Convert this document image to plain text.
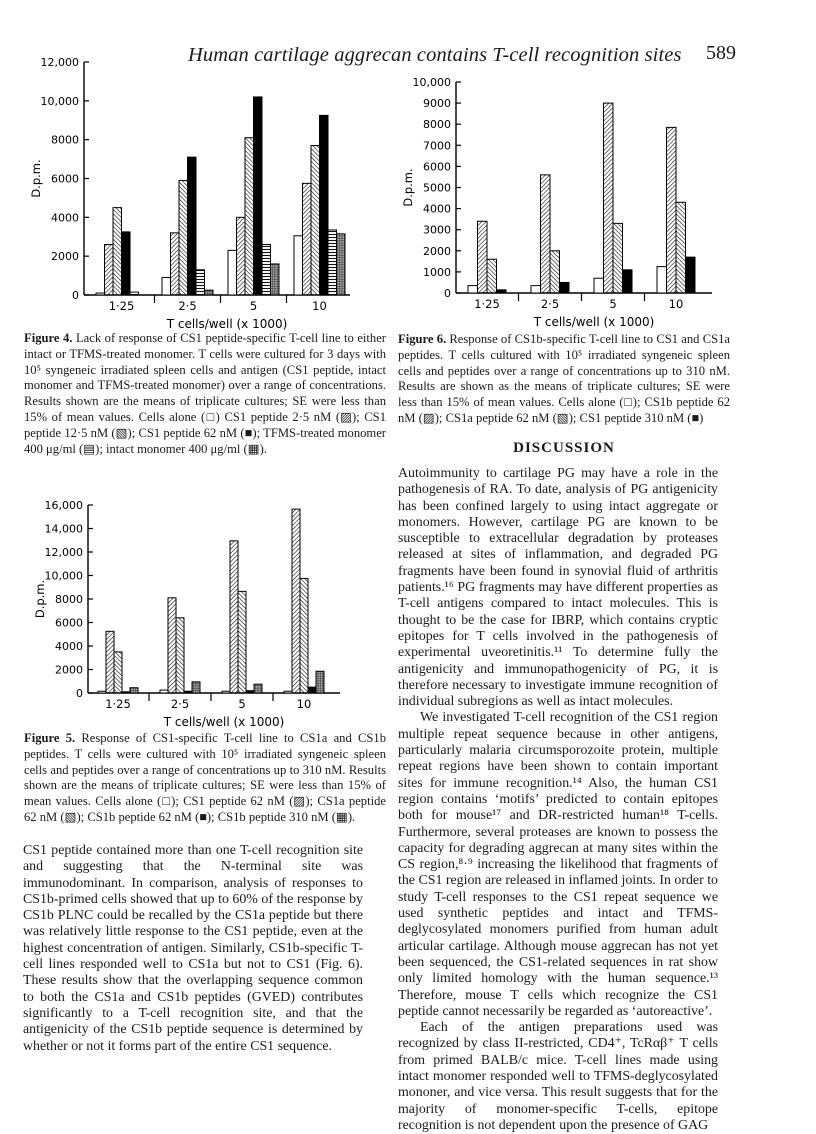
Human cartilage aggrecan contains T-cell recognition sites 589
0
2000
4000
6000
8000
10,000
12,000
1·25	2·5	5	10
T cells/well (x 1000)
D.p.m.
Figure 4. Lack of response of CS1 peptide-specific T-cell line to either intact or TFMS-treated monomer. T cells were cultured for 3 days with 10⁵ syngeneic irradiated spleen cells and antigen (CS1 peptide, intact monomer and TFMS-treated monomer) over a range of concentrations. Results shown are the means of triplicate cultures; SE were less than 15% of mean values. Cells alone (□) CS1 peptide 2·5 nM (▨); CS1 peptide 12·5 nM (▧); CS1 peptide 62 nM (■); TFMS-treated monomer 400 μg/ml (▤); intact monomer 400 μg/ml (▦).
0
1000
2000
3000
4000
5000
6000
7000
8000
9000
10,000
1·25	2·5	5	10
T cells/well (x 1000)
D.p.m.
Figure 6. Response of CS1b-specific T-cell line to CS1 and CS1a peptides. T cells cultured with 10⁵ irradiated syngeneic spleen cells and peptides over a range of concentrations up to 310 nM. Results are shown as the means of triplicate cultures; SE were less than 15% of mean values. Cells alone (□); CS1b peptide 62 nM (▨); CS1a peptide 62 nM (▧); CS1 peptide 310 nM (■)
DISCUSSION
0
2000
4000
6000
8000
10,000
12,000
14,000
16,000
1·25	2·5	5	10
T cells/well (x 1000)
D.p.m.
Figure 5. Response of CS1-specific T-cell line to CS1a and CS1b peptides. T cells were cultured with 10⁵ irradiated syngeneic spleen cells and peptides over a range of concentrations up to 310 nM. Results shown are the means of triplicate cultures; SE were less than 15% of mean values. Cells alone (□); CS1 peptide 62 nM (▨); CS1a peptide 62 nM (▧); CS1b peptide 62 nM (■); CS1b peptide 310 nM (▦).

CS1 peptide contained more than one T-cell recognition site and suggesting that the N-terminal site was immunodominant. In comparison, analysis of responses to CS1b-primed cells showed that up to 60% of the response by CS1b PLNC could be recalled by the CS1a peptide but there was relatively little response to the CS1 peptide, even at the highest concentration of antigen. Similarly, CS1b-specific T-cell lines responded well to CS1a but not to CS1 (Fig. 6). These results show that the overlapping sequence common to both the CS1a and CS1b peptides (GVED) contributes significantly to a T-cell recognition site, and that the antigenicity of the CS1b peptide sequence is determined by whether or not it forms part of the entire CS1 sequence.

Autoimmunity to cartilage PG may have a role in the pathogenesis of RA. To date, analysis of PG antigenicity has been confined largely to using intact aggregate or monomers. However, cartilage PG are known to be susceptible to extracellular degradation by proteases released at sites of inflammation, and degraded PG fragments have been found in synovial fluid of arthritis patients.¹⁶ PG fragments may have different properties as T-cell antigens compared to intact molecules. This is thought to be the case for IBRP, which contains cryptic epitopes for T cells involved in the pathogenesis of experimental uveoretinitis.¹¹ To determine fully the antigenicity and immunopathogenicity of PG, it is therefore necessary to investigate immune recognition of individual subregions as well as intact molecules.

We investigated T-cell recognition of the CS1 region multiple repeat sequence because in other antigens, particularly malaria circumsporozoite protein, multiple repeat regions have been shown to contain important sites for immune recognition.¹⁴ Also, the human CS1 region contains ‘motifs’ predicted to contain epitopes both for mouse¹⁷ and DR-restricted human¹⁸ T-cells. Furthermore, several proteases are known to possess the capacity for degrading aggrecan at many sites within the CS region,⁸·⁹ increasing the likelihood that fragments of the CS1 region are released in inflamed joints. In order to study T-cell responses to the CS1 repeat sequence we used synthetic peptides and intact and TFMS-deglycosylated monomers purified from human adult articular cartilage. Although mouse aggrecan has not yet been sequenced, the CS1-related sequences in rat show only limited homology with the human sequence.¹³ Therefore, mouse T cells which recognize the CS1 peptide cannot necessarily be regarded as ‘autoreactive’.

Each of the antigen preparations used was recognized by class II-restricted, CD4⁺, TcRαβ⁺ T cells from primed BALB/c mice. T-cell lines made using intact monomer responded well to TFMS-deglycosylated mononer, and vice versa. This result suggests that for the majority of monomer-specific T-cells, epitope recognition is not dependent upon the presence of GAG
